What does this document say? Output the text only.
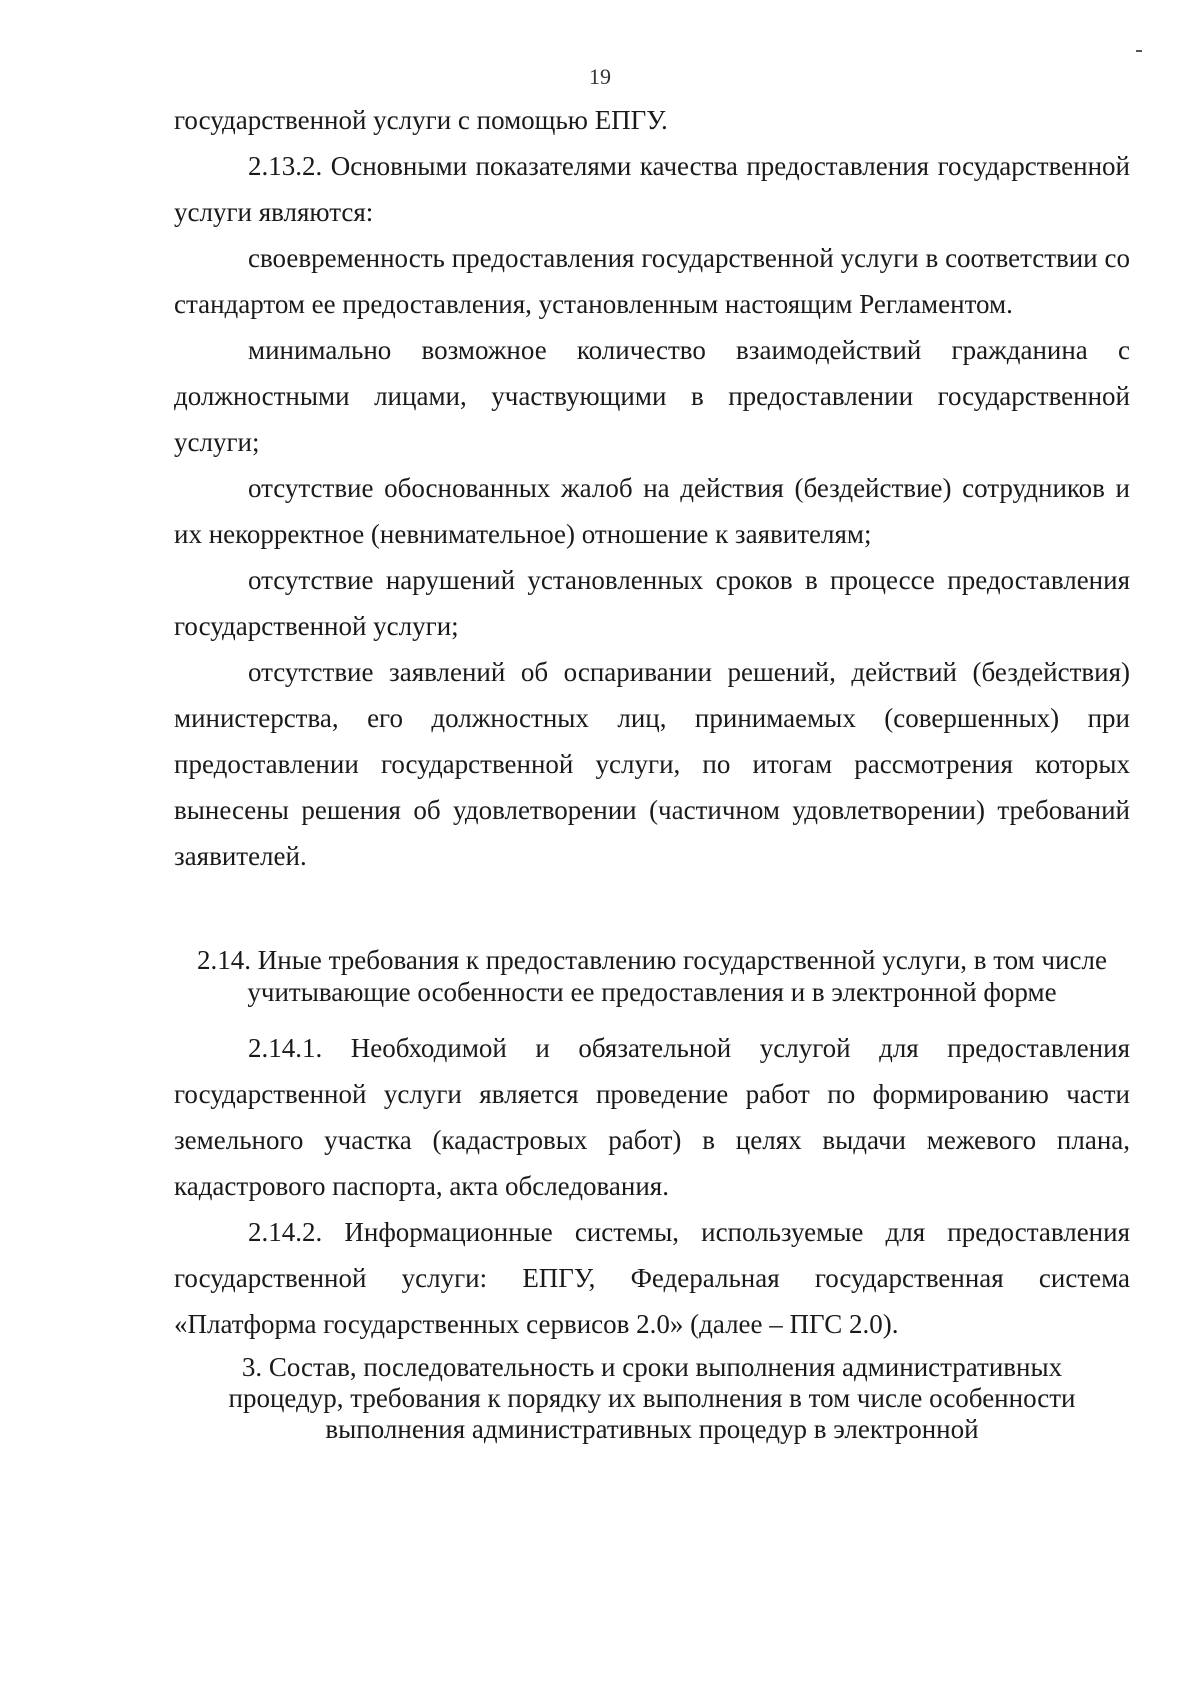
19

государственной услуги с помощью ЕПГУ.

2.13.2. Основными показателями качества предоставления государственной услуги являются:

своевременность предоставления государственной услуги в соответствии со стандартом ее предоставления, установленным настоящим Регламентом.

минимально возможное количество взаимодействий гражданина с должностными лицами, участвующими в предоставлении государственной услуги;

отсутствие обоснованных жалоб на действия (бездействие) сотрудников и их некорректное (невнимательное) отношение к заявителям;

отсутствие нарушений установленных сроков в процессе предоставления государственной услуги;

отсутствие заявлений об оспаривании решений, действий (бездействия) министерства, его должностных лиц, принимаемых (совершенных) при предоставлении государственной услуги, по итогам рассмотрения которых вынесены решения об удовлетворении (частичном удовлетворении) требований заявителей.

2.14. Иные требования к предоставлению государственной услуги, в том числе учитывающие особенности ее предоставления и в электронной форме

2.14.1. Необходимой и обязательной услугой для предоставления государственной услуги является проведение работ по формированию части земельного участка (кадастровых работ) в целях выдачи межевого плана, кадастрового паспорта, акта обследования.

2.14.2. Информационные системы, используемые для предоставления государственной услуги: ЕПГУ, Федеральная государственная система «Платформа государственных сервисов 2.0» (далее – ПГС 2.0).

3. Состав, последовательность и сроки выполнения административных процедур, требования к порядку их выполнения в том числе особенности выполнения административных процедур в электронной
